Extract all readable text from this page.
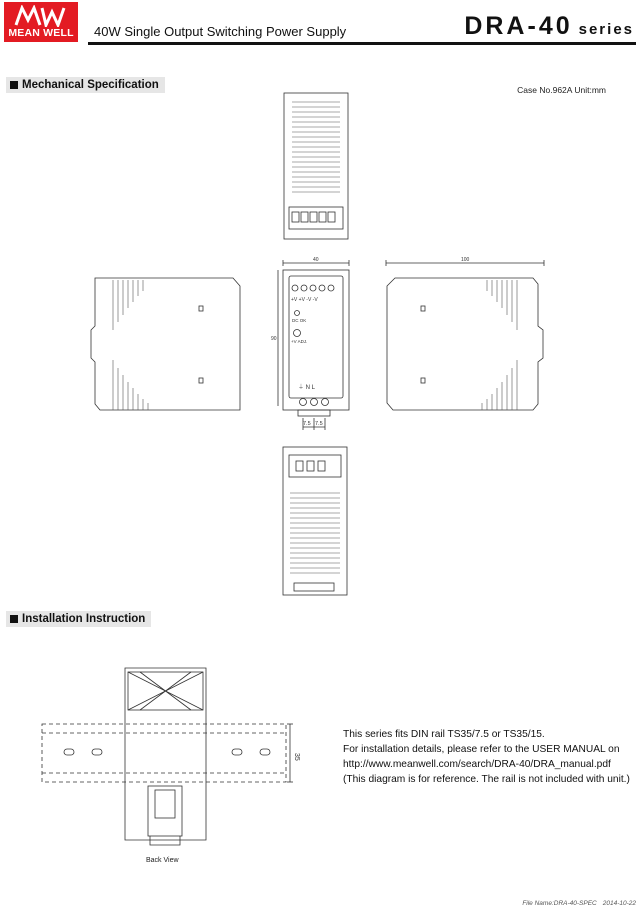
MEAN WELL	40W Single Output Switching Power Supply	DRA-40 series
Mechanical Specification	Case No.962A Unit:mm
40
90
+V +V -V -V
DC OK
+V ADJ.
⏚ N L
7.5 7.5
100
35
Installation Instruction
This series fits DIN rail TS35/7.5 or TS35/15.
For installation details, please refer to the USER MANUAL on
http://www.meanwell.com/search/DRA-40/DRA_manual.pdf
(This diagram is for reference. The rail is not included with unit.)
Back View
File Name:DRA-40-SPEC 2014-10-22
